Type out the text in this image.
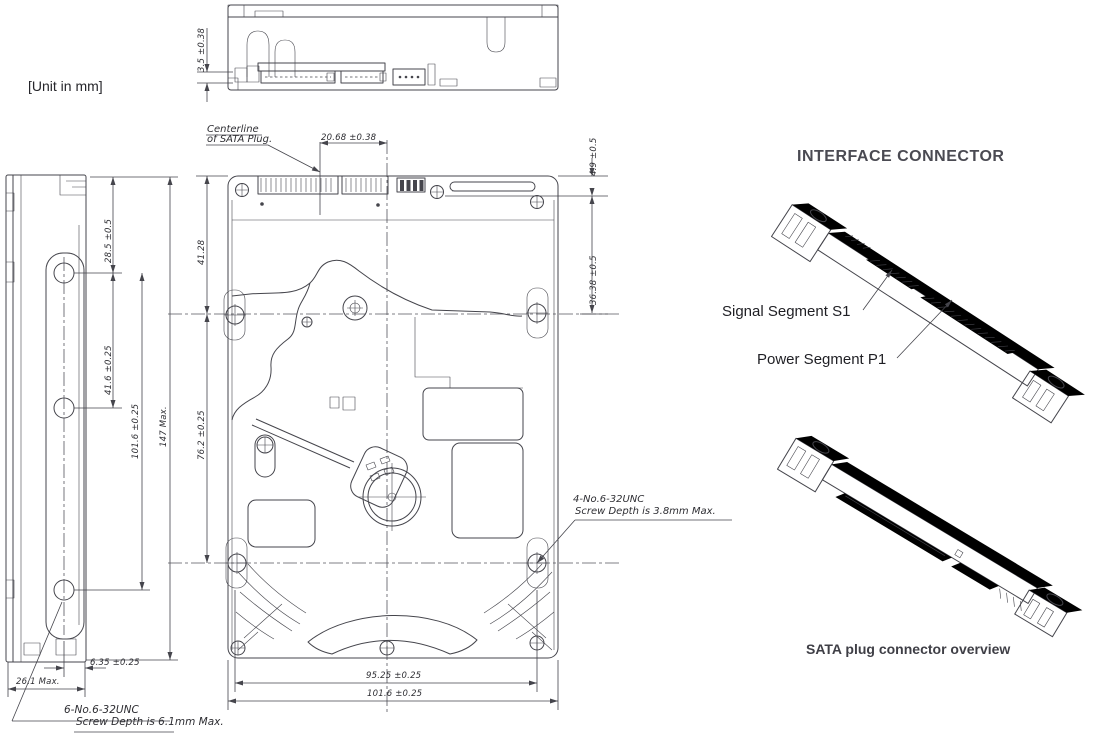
[Unit in mm]
Centerline
of SATA Plug.	20.68 ±0.38
3.5 ±0.38
4.9 ±0.5
36.38 ±0.5
28.5 ±0.5
41.6 ±0.25
101.6 ±0.25 147 Max.
41.28
76.2 ±0.25
6.35 ±0.25
26.1 Max.
95.25 ±0.25
101.6 ±0.25
6-No.6-32UNC
Screw Depth is 6.1mm Max.
4-No.6-32UNC
Screw Depth is 3.8mm Max.
INTERFACE CONNECTOR
Signal Segment S1
Power Segment P1
SATA plug connector overview
